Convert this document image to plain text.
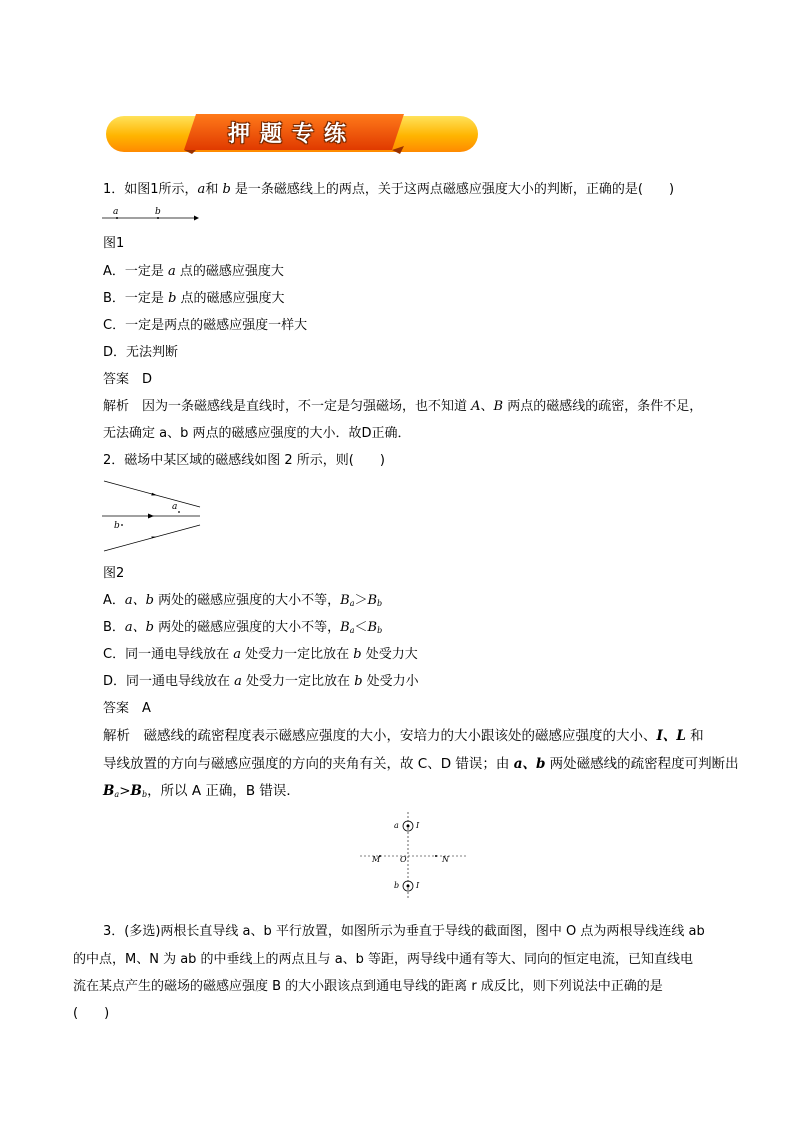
押题专练
1．如图1所示，a和 b 是一条磁感线上的两点，关于这两点磁感应强度大小的判断，正确的是(　　)
a	b
图1
A．一定是 a 点的磁感应强度大
B．一定是 b 点的磁感应强度大
C．一定是两点的磁感应强度一样大
D．无法判断
答案　D
解析　因为一条磁感线是直线时，不一定是匀强磁场，也不知道 A、B 两点的磁感线的疏密，条件不足，
无法确定 a、b 两点的磁感应强度的大小．故D正确．
2．磁场中某区域的磁感线如图 2 所示，则(　　)
a
b
图2
A．a、b 两处的磁感应强度的大小不等，$B_a>B_b$
B．a、b 两处的磁感应强度的大小不等，$B_a<B_b$
C．同一通电导线放在 a 处受力一定比放在 b 处受力大
D．同一通电导线放在 a 处受力一定比放在 b 处受力小
答案　A
解析　磁感线的疏密程度表示磁感应强度的大小，安培力的大小跟该处的磁感应强度的大小、I、L 和
导线放置的方向与磁感应强度的方向的夹角有关，故 C、D 错误；由 a、b 两处磁感线的疏密程度可判断出
$B_a>B_b$，所以 A 正确，B 错误．
a I
M O	N
b I
3．(多选)两根长直导线 a、b 平行放置，如图所示为垂直于导线的截面图，图中 O 点为两根导线连线 ab
的中点，M、N 为 ab 的中垂线上的两点且与 a、b 等距，两导线中通有等大、同向的恒定电流，已知直线电
流在某点产生的磁场的磁感应强度 B 的大小跟该点到通电导线的距离 r 成反比，则下列说法中正确的是
(　　)
